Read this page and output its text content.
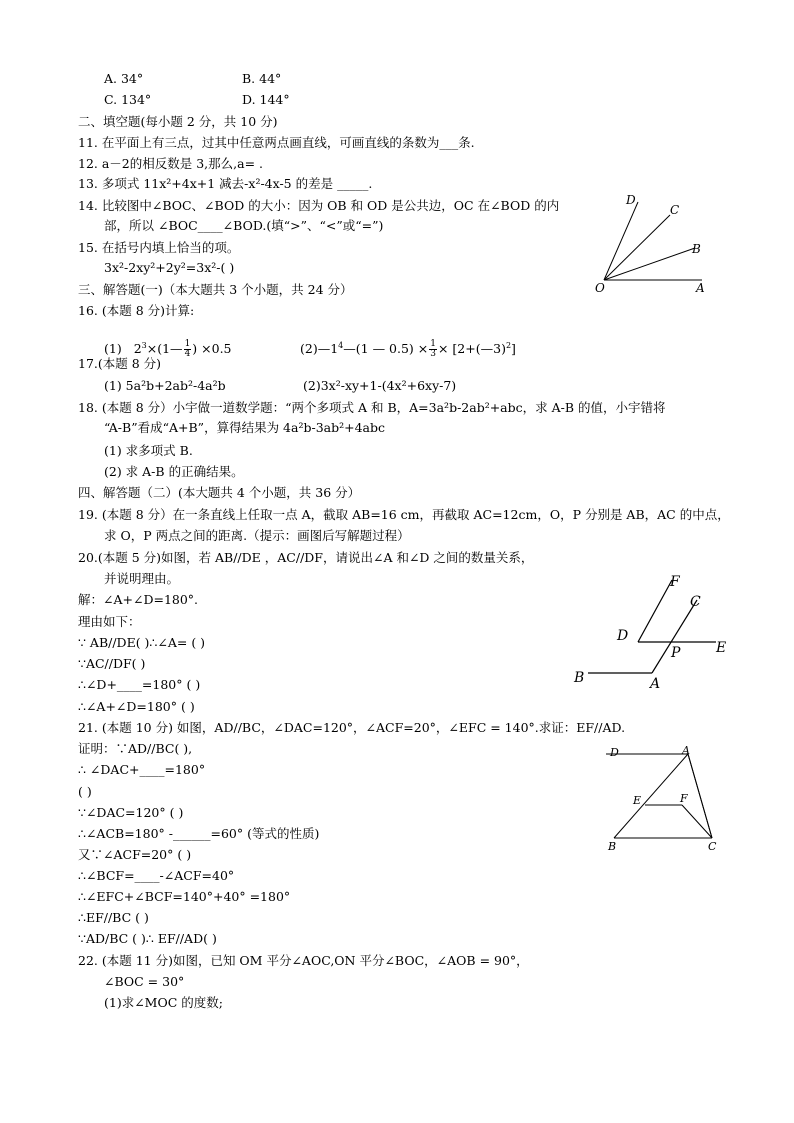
A. 34°	B. 44°
C. 134°	D. 144°
二、填空题(每小题 2 分，共 10 分)
11. 在平面上有三点，过其中任意两点画直线，可画直线的条数为___条.
12. a－2的相反数是 3,那么,a= .
13. 多项式 11x²+4x+1 减去-x²-4x-5 的差是 _____.
14. 比较图中∠BOC、∠BOD 的大小：因为 OB 和 OD 是公共边，OC 在∠BOD 的内
部，所以 ∠BOC____∠BOD.(填“>”、“<”或“=”)
15. 在括号内填上恰当的项。
3x²-2xy²+2y²=3x²-( )
三、解答题(一)（本大题共 3 个小题，共 24 分）
16. (本题 8 分)计算:
17.(本题 8 分)
(1) 5a²b+2ab²-4a²b	(2)3x²-xy+1-(4x²+6xy-7)
18. (本题 8 分）小宇做一道数学题：“两个多项式 A 和 B，A=3a²b-2ab²+abc，求 A-B 的值，小宇错将
“A-B”看成“A+B”，算得结果为 4a²b-3ab²+4abc
(1) 求多项式 B.
(2) 求 A-B 的正确结果。
四、解答题（二）(本大题共 4 个小题，共 36 分）
19. (本题 8 分）在一条直线上任取一点 A，截取 AB=16 cm，再截取 AC=12cm，O，P 分别是 AB，AC 的中点，
求 O，P 两点之间的距离.（提示：画图后写解题过程）
20.(本题 5 分)如图，若 AB//DE ，AC//DF，请说出∠A 和∠D 之间的数量关系，
并说明理由。
解：∠A+∠D=180°.
理由如下：
∵ AB//DE( )∴∠A= ( )
∵AC//DF( )
∴∠D+____=180° ( )
∴∠A+∠D=180° ( )
21. (本题 10 分) 如图，AD//BC，∠DAC=120°，∠ACF=20°，∠EFC = 140°.求证：EF//AD.
证明：∵AD//BC( ),
∴ ∠DAC+____=180°
( )
∵∠DAC=120° ( )
∴∠ACB=180° -______=60° (等式的性质)
又∵∠ACF=20° ( )
∴∠BCF=____-∠ACF=40°
∴∠EFC+∠BCF=140°+40° =180°
∴EF//BC ( )
∵AD/BC ( )∴ EF//AD( )
22. (本题 11 分)如图，已知 OM 平分∠AOC,ON 平分∠BOC，∠AOB = 90°，
∠BOC = 30°
(1)求∠MOC 的度数;
(1) $2^3\times(1— \frac{1}{4}$ ) ×0.5	$(2)—1^4—(1$ — $0.5) \times \frac{1}{3}$ × [2+(—3)$^2$]
D
C
B
O	A
F
C
D
E
P
B	A
D	A
E	F
B	C
